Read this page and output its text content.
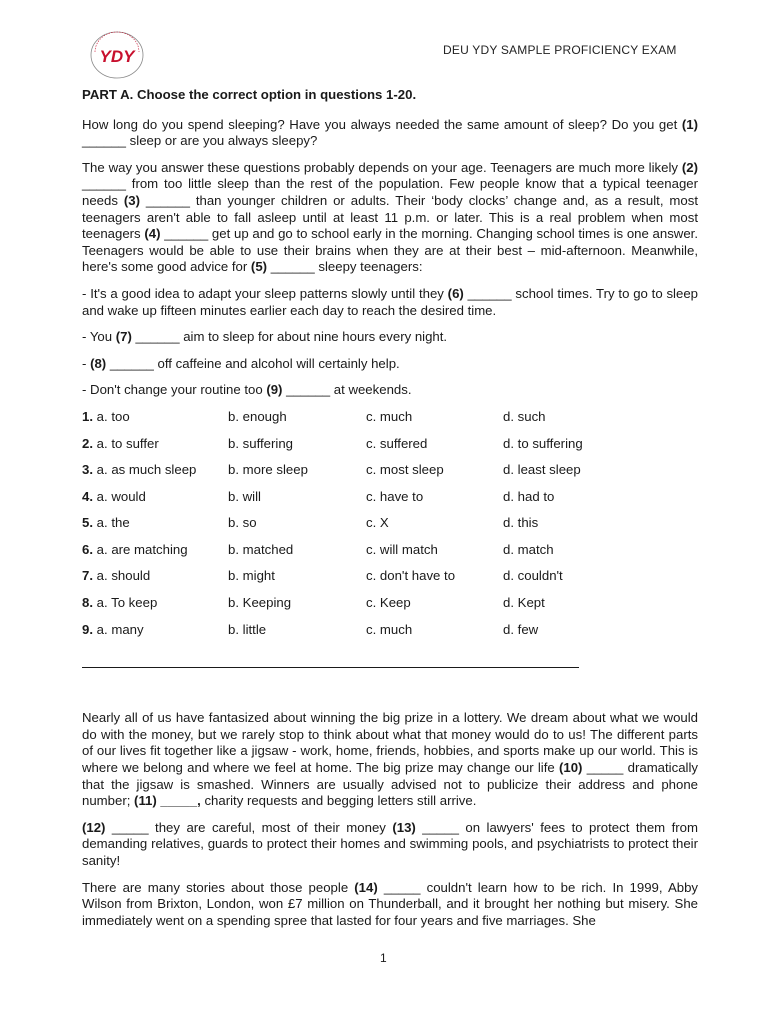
YDY	DEU YDY SAMPLE PROFICIENCY EXAM
PART A. Choose the correct option in questions 1-20.

How long do you spend sleeping? Have you always needed the same amount of sleep? Do you get (1) ______ sleep or are you always sleepy?

The way you answer these questions probably depends on your age. Teenagers are much more likely (2) ______ from too little sleep than the rest of the population. Few people know that a typical teenager needs (3) ______ than younger children or adults. Their ‘body clocks’ change and, as a result, most teenagers aren't able to fall asleep until at least 11 p.m. or later. This is a real problem when most teenagers (4) ______ get up and go to school early in the morning. Changing school times is one answer. Teenagers would be able to use their brains when they are at their best – mid-afternoon. Meanwhile, here's some good advice for (5) ______ sleepy teenagers:

- It's a good idea to adapt your sleep patterns slowly until they (6) ______ school times. Try to go to sleep and wake up fifteen minutes earlier each day to reach the desired time.

- You (7) ______ aim to sleep for about nine hours every night.

- (8) ______ off caffeine and alcohol will certainly help.

- Don't change your routine too (9) ______ at weekends.

1. a. too	b. enough	c. much	d. such
2. a. to suffer	b. suffering	c. suffered	d. to suffering
3. a. as much sleep	b. more sleep	c. most sleep	d. least sleep
4. a. would	b. will	c. have to	d. had to
5. a. the	b. so	c. X	d. this
6. a. are matching	b. matched	c. will match	d. match
7. a. should	b. might	c. don't have to	d. couldn't
8. a. To keep	b. Keeping	c. Keep	d. Kept
9. a. many	b. little	c. much	d. few

Nearly all of us have fantasized about winning the big prize in a lottery. We dream about what we would do with the money, but we rarely stop to think about what that money would do to us! The different parts of our lives fit together like a jigsaw - work, home, friends, hobbies, and sports make up our world. This is where we belong and where we feel at home. The big prize may change our life (10) _____ dramatically that the jigsaw is smashed. Winners are usually advised not to publicize their address and phone number; (11) _____, charity requests and begging letters still arrive.

(12) _____ they are careful, most of their money (13) _____ on lawyers' fees to protect them from demanding relatives, guards to protect their homes and swimming pools, and psychiatrists to protect their sanity!

There are many stories about those people (14) _____ couldn't learn how to be rich. In 1999, Abby Wilson from Brixton, London, won £7 million on Thunderball, and it brought her nothing but misery. She immediately went on a spending spree that lasted for four years and five marriages. She

1
